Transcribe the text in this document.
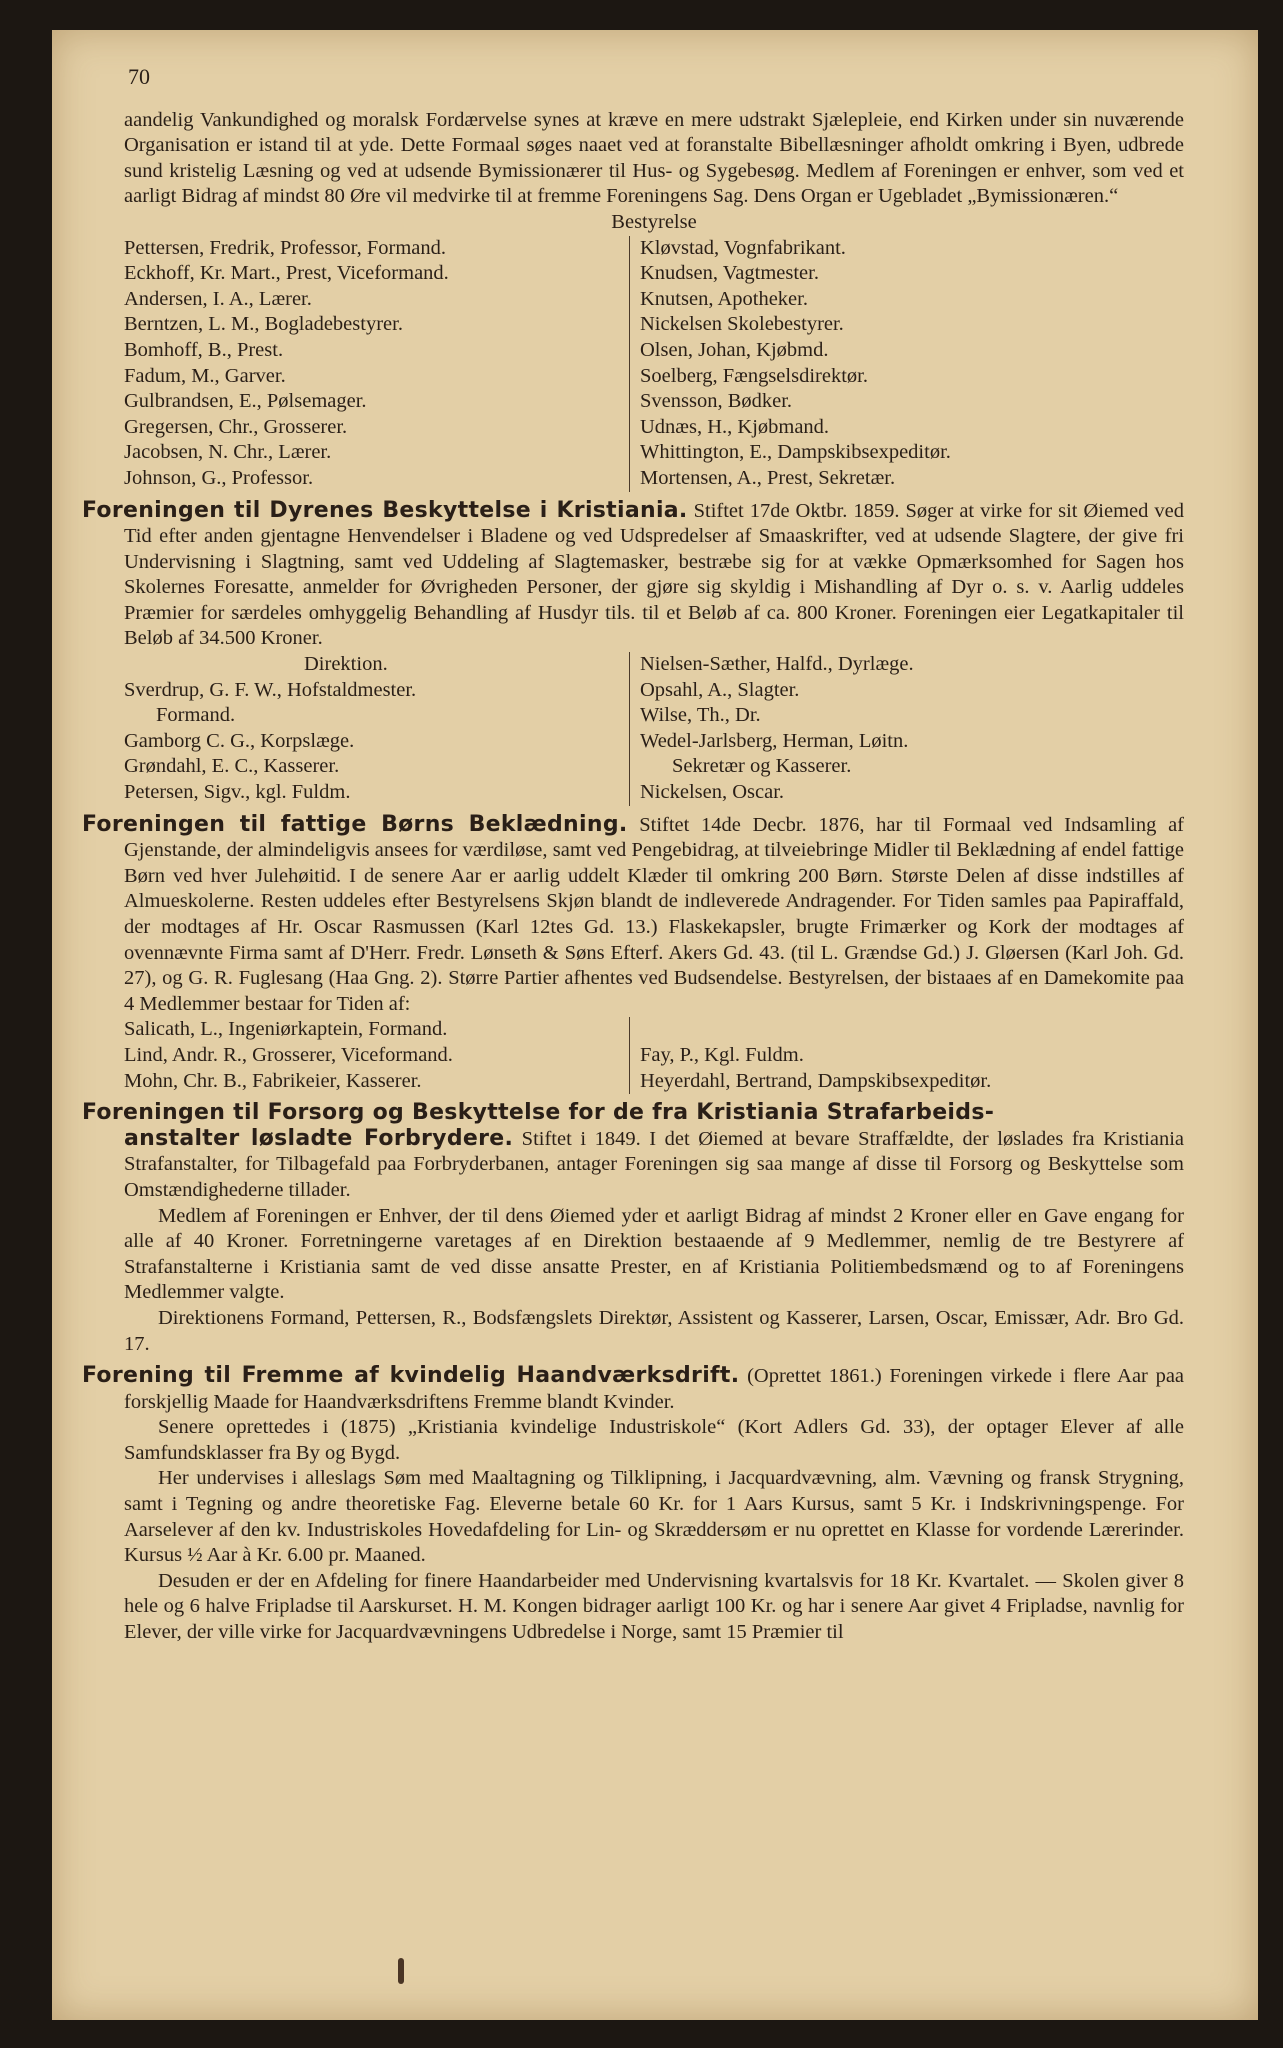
70

aandelig Vankundighed og moralsk Fordærvelse synes at kræve en mere udstrakt Sjælepleie, end Kirken under sin nuværende Organisation er istand til at yde. Dette Formaal søges naaet ved at foranstalte Bibellæsninger afholdt omkring i Byen, udbrede sund kristelig Læsning og ved at udsende Bymissionærer til Hus- og Sygebesøg. Medlem af Foreningen er enhver, som ved et aarligt Bidrag af mindst 80 Øre vil medvirke til at fremme Foreningens Sag. Dens Organ er Ugebladet „Bymissionæren.“

Bestyrelse

Pettersen, Fredrik, Professor, Formand.
Eckhoff, Kr. Mart., Prest, Viceformand.
Andersen, I. A., Lærer.
Berntzen, L. M., Bogladebestyrer.
Bomhoff, B., Prest.
Fadum, M., Garver.
Gulbrandsen, E., Pølsemager.
Gregersen, Chr., Grosserer.
Jacobsen, N. Chr., Lærer.
Johnson, G., Professor.
Kløvstad, Vognfabrikant.
Knudsen, Vagtmester.
Knutsen, Apotheker.
Nickelsen Skolebestyrer.
Olsen, Johan, Kjøbmd.
Soelberg, Fængselsdirektør.
Svensson, Bødker.
Udnæs, H., Kjøbmand.
Whittington, E., Dampskibsexpeditør.
Mortensen, A., Prest, Sekretær.

Foreningen til Dyrenes Beskyttelse i Kristiania. Stiftet 17de Oktbr. 1859. Søger at virke for sit Øiemed ved Tid efter anden gjentagne Henvendelser i Bladene og ved Udspredelser af Smaaskrifter, ved at udsende Slagtere, der give fri Undervisning i Slagtning, samt ved Uddeling af Slagtemasker, bestræbe sig for at vække Opmærksomhed for Sagen hos Skolernes Foresatte, anmelder for Øvrigheden Personer, der gjøre sig skyldig i Mishandling af Dyr o. s. v. Aarlig uddeles Præmier for særdeles omhyggelig Behandling af Husdyr tils. til et Beløb af ca. 800 Kroner. Foreningen eier Legatkapitaler til Beløb af 34.500 Kroner.

Direktion.
Sverdrup, G. F. W., Hofstaldmester.
Formand.
Gamborg C. G., Korpslæge.
Grøndahl, E. C., Kasserer.
Petersen, Sigv., kgl. Fuldm.
Nielsen-Sæther, Halfd., Dyrlæge.
Opsahl, A., Slagter.
Wilse, Th., Dr.
Wedel-Jarlsberg, Herman, Løitn.
Sekretær og Kasserer.
Nickelsen, Oscar.

Foreningen til fattige Børns Beklædning. Stiftet 14de Decbr. 1876, har til Formaal ved Indsamling af Gjenstande, der almindeligvis ansees for værdiløse, samt ved Pengebidrag, at tilveiebringe Midler til Beklædning af endel fattige Børn ved hver Julehøitid. I de senere Aar er aarlig uddelt Klæder til omkring 200 Børn. Største Delen af disse indstilles af Almueskolerne. Resten uddeles efter Bestyrelsens Skjøn blandt de indleverede Andragender. For Tiden samles paa Papiraffald, der modtages af Hr. Oscar Rasmussen (Karl 12tes Gd. 13.) Flaskekapsler, brugte Frimærker og Kork der modtages af ovennævnte Firma samt af D'Herr. Fredr. Lønseth & Søns Efterf. Akers Gd. 43. (til L. Grændse Gd.) J. Gløersen (Karl Joh. Gd. 27), og G. R. Fuglesang (Haa Gng. 2). Større Partier afhentes ved Budsendelse. Bestyrelsen, der bistaaes af en Damekomite paa 4 Medlemmer bestaar for Tiden af:

Salicath, L., Ingeniørkaptein, Formand.
Lind, Andr. R., Grosserer, Viceformand.
Mohn, Chr. B., Fabrikeier, Kasserer.

Fay, P., Kgl. Fuldm.
Heyerdahl, Bertrand, Dampskibsexpeditør.
Foreningen til Forsorg og Beskyttelse for de fra Kristiania Strafarbeids-

anstalter løsladte Forbrydere. Stiftet i 1849. I det Øiemed at bevare Straffældte, der løslades fra Kristiania Strafanstalter, for Tilbagefald paa Forbryderbanen, antager Foreningen sig saa mange af disse til Forsorg og Beskyttelse som Omstændighederne tillader.

Medlem af Foreningen er Enhver, der til dens Øiemed yder et aarligt Bidrag af mindst 2 Kroner eller en Gave engang for alle af 40 Kroner. Forretningerne varetages af en Direktion bestaaende af 9 Medlemmer, nemlig de tre Bestyrere af Strafanstalterne i Kristiania samt de ved disse ansatte Prester, en af Kristiania Politiembedsmænd og to af Foreningens Medlemmer valgte.

Direktionens Formand, Pettersen, R., Bodsfængslets Direktør, Assistent og Kasserer, Larsen, Oscar, Emissær, Adr. Bro Gd. 17.

Forening til Fremme af kvindelig Haandværksdrift. (Oprettet 1861.) Foreningen virkede i flere Aar paa forskjellig Maade for Haandværksdriftens Fremme blandt Kvinder.

Senere oprettedes i (1875) „Kristiania kvindelige Industriskole“ (Kort Adlers Gd. 33), der optager Elever af alle Samfundsklasser fra By og Bygd.

Her undervises i alleslags Søm med Maaltagning og Tilklipning, i Jacquardvævning, alm. Vævning og fransk Strygning, samt i Tegning og andre theoretiske Fag. Eleverne betale 60 Kr. for 1 Aars Kursus, samt 5 Kr. i Indskrivningspenge. For Aarselever af den kv. Industriskoles Hovedafdeling for Lin- og Skræddersøm er nu oprettet en Klasse for vordende Lærerinder. Kursus ½ Aar à Kr. 6.00 pr. Maaned.

Desuden er der en Afdeling for finere Haandarbeider med Undervisning kvartalsvis for 18 Kr. Kvartalet. — Skolen giver 8 hele og 6 halve Fripladse til Aarskurset. H. M. Kongen bidrager aarligt 100 Kr. og har i senere Aar givet 4 Fripladse, navnlig for Elever, der ville virke for Jacquardvævningens Udbredelse i Norge, samt 15 Præmier til
